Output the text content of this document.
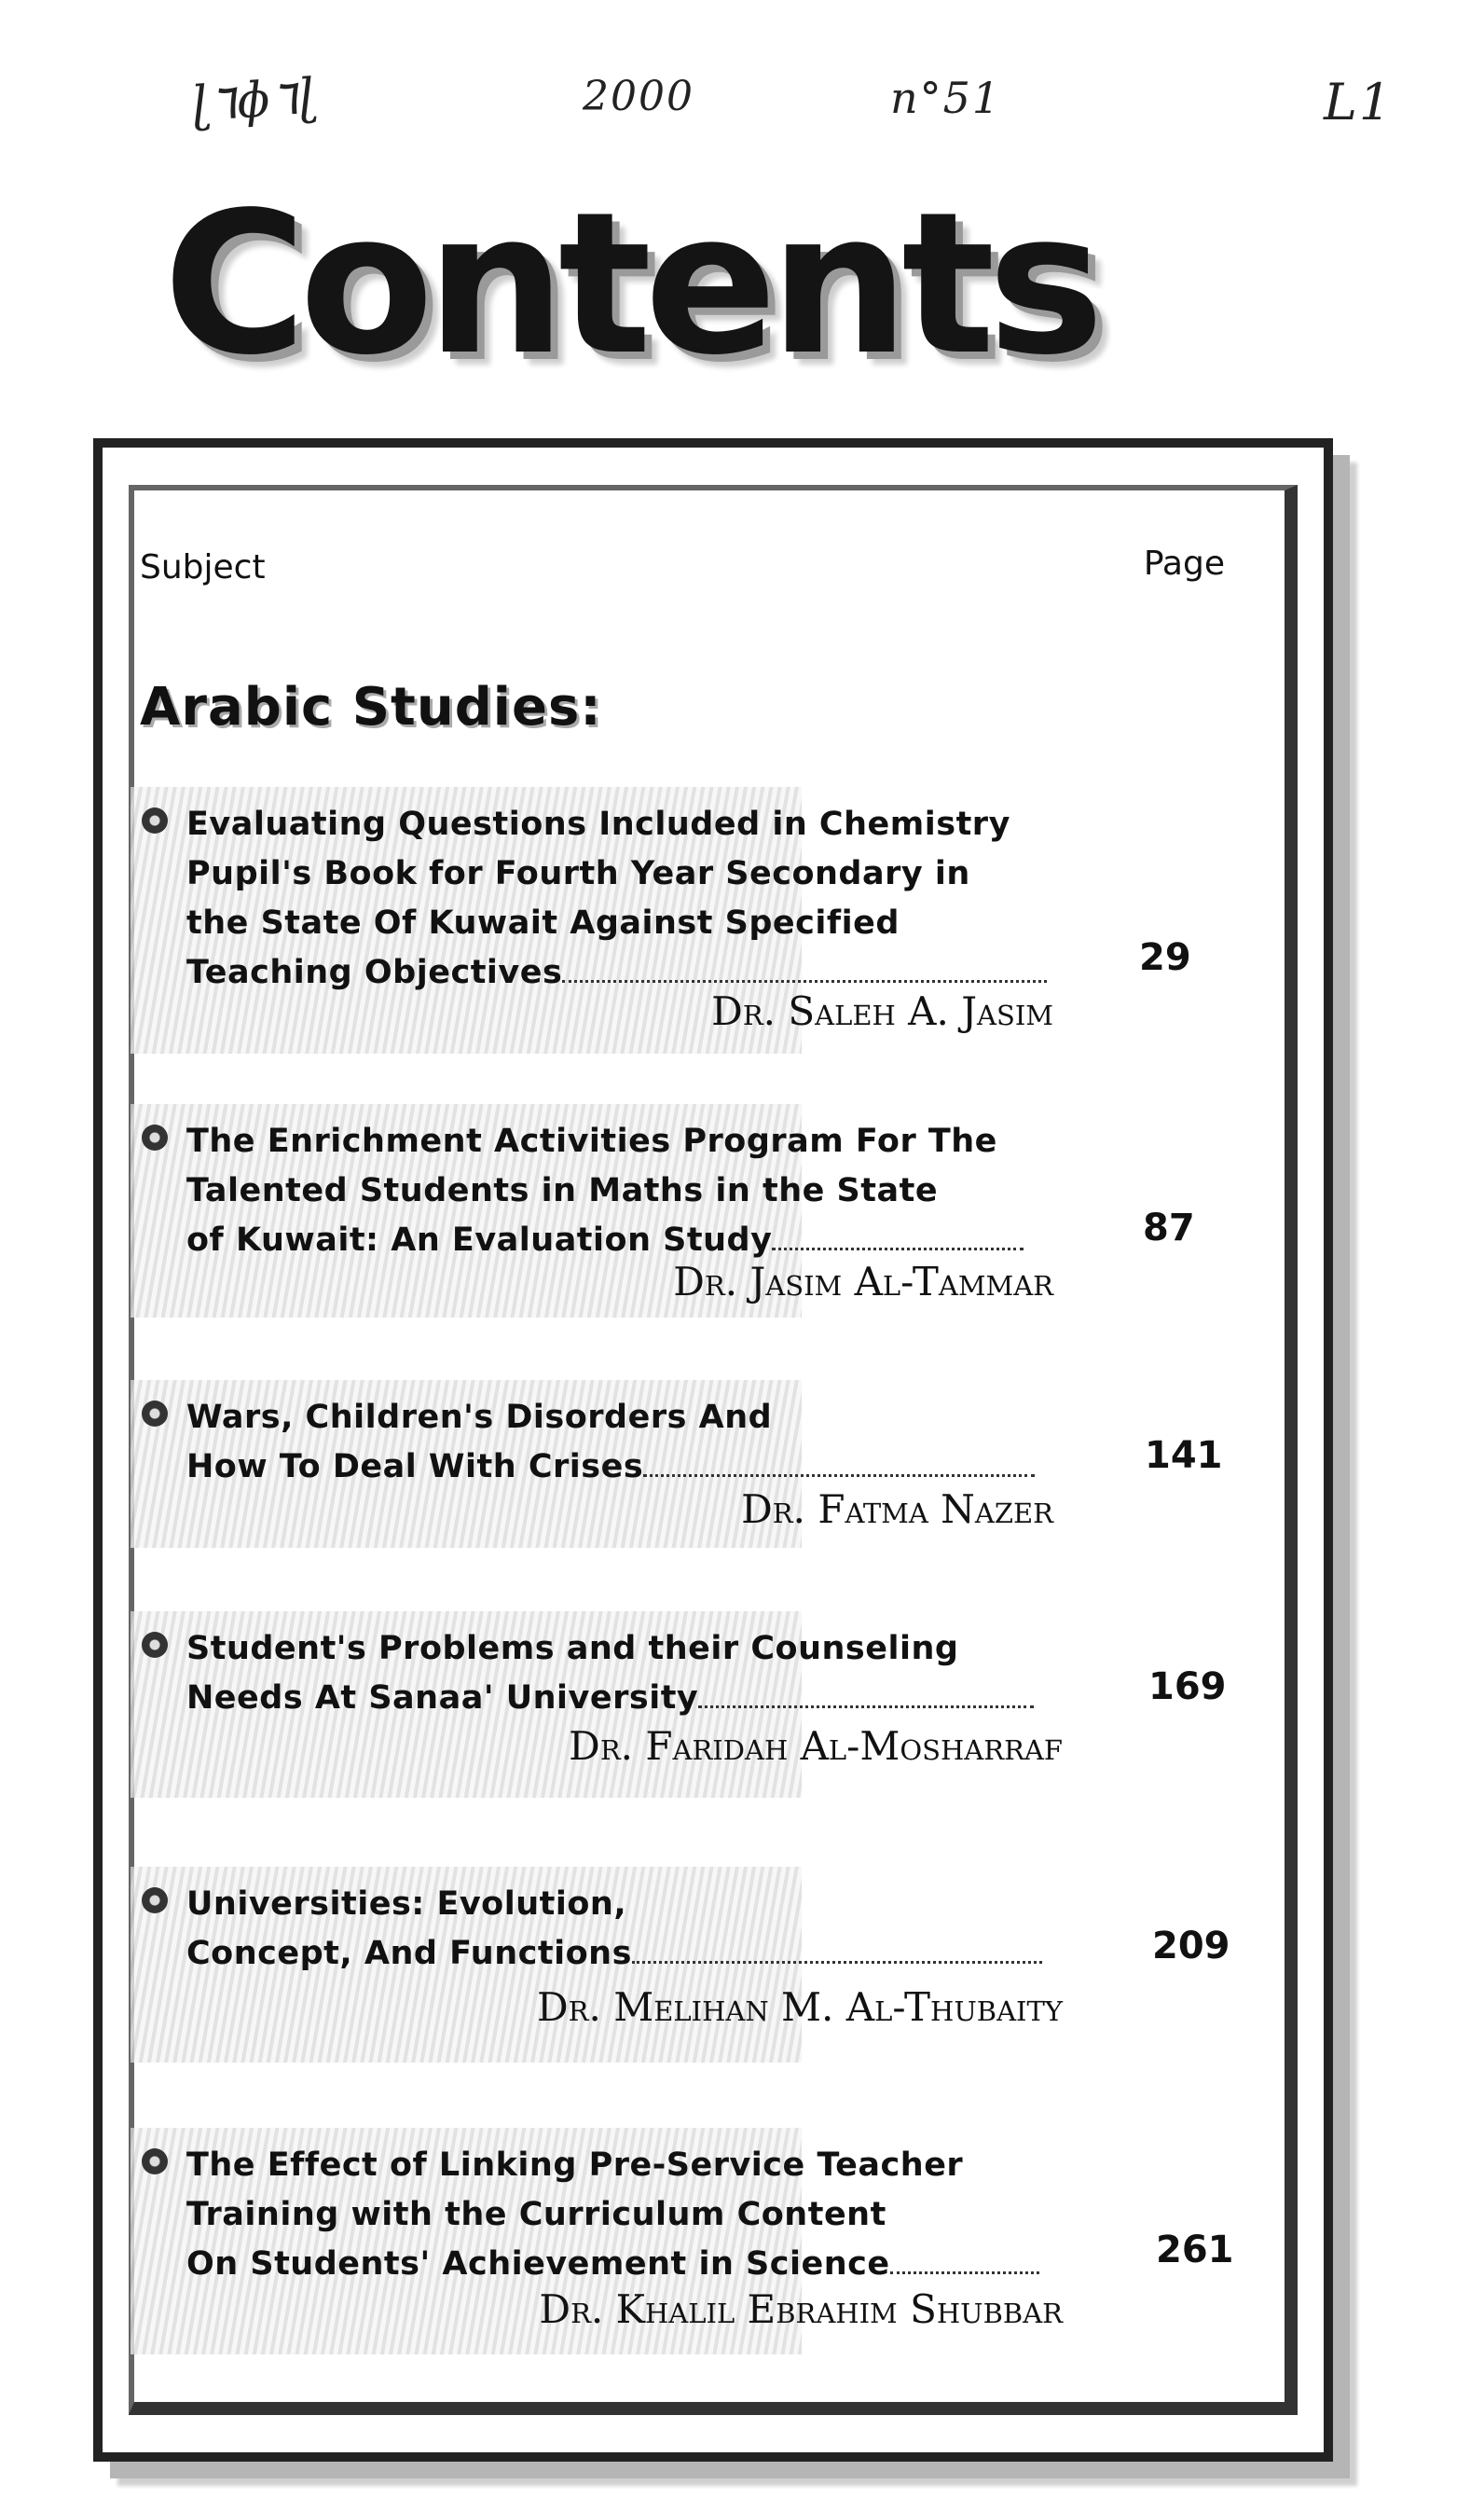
ɭ٦ɸ٦ɭ	2000	n°51	L1
Contents
Subject	Page
Arabic Studies:
Evaluating Questions Included in Chemistry
Pupil's Book for Fourth Year Secondary in
the State Of Kuwait Against Specified
Teaching Objectives	29
Dr. Saleh A. Jasim
The Enrichment Activities Program For The
Talented Students in Maths in the State
of Kuwait: An Evaluation Study	87
Dr. Jasim Al-Tammar
Wars, Children's Disorders And
How To Deal With Crises	141
Dr. Fatma Nazer
Student's Problems and their Counseling
Needs At Sanaa' University	169
Dr. Faridah Al-Mosharraf
Universities: Evolution,
Concept, And Functions	209
Dr. Melihan M. Al-Thubaity
The Effect of Linking Pre-Service Teacher
Training with the Curriculum Content
On Students' Achievement in Science	261
Dr. Khalil Ebrahim Shubbar
